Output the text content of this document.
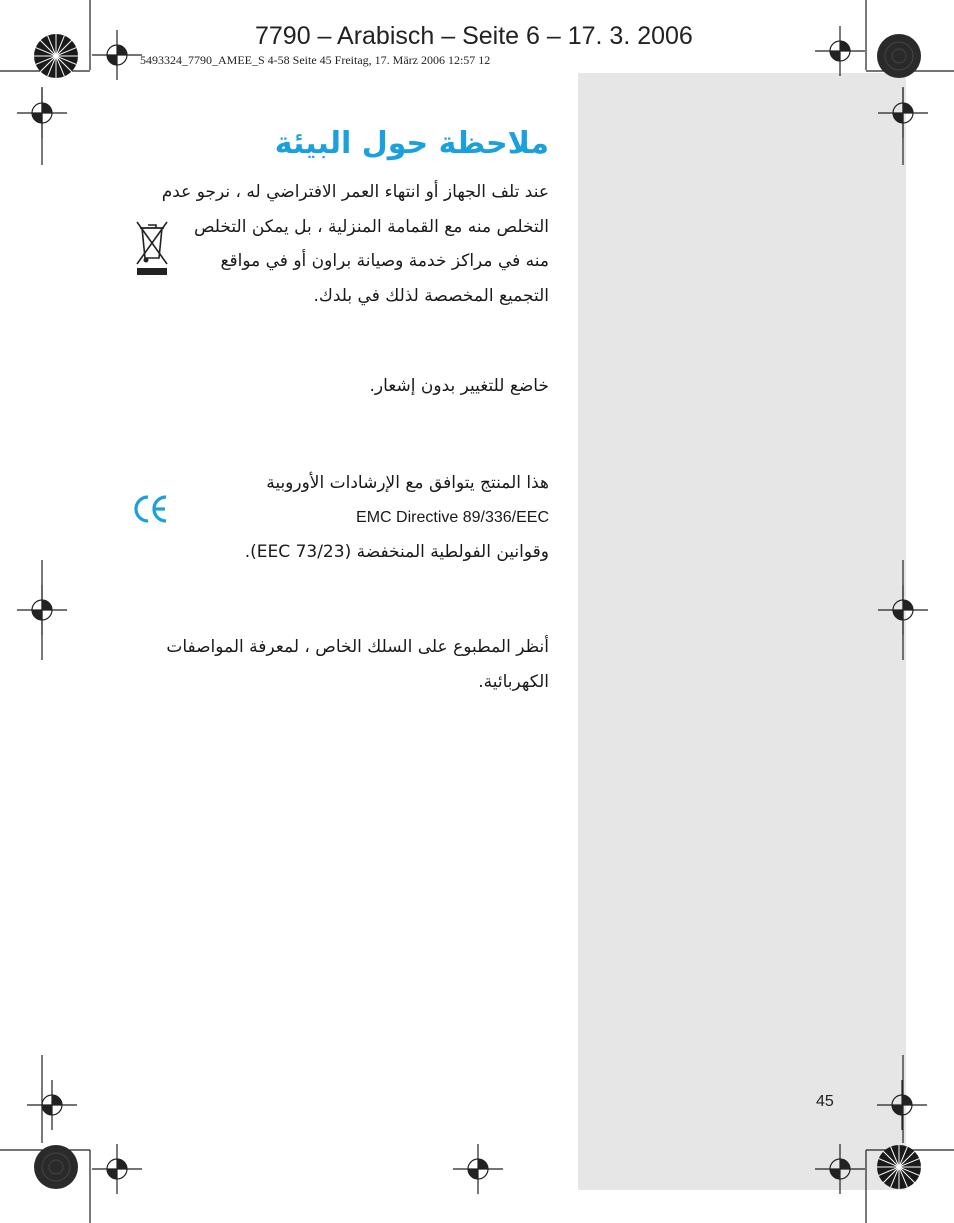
7790 – Arabisch – Seite 6 – 17. 3. 2006
5493324_7790_AMEE_S 4-58 Seite 45 Freitag, 17. März 2006 12:57 12
ملاحظة حول البيئة
عند تلف الجهاز أو انتهاء العمر الافتراضي له ، نرجو عدم
التخلص منه مع القمامة المنزلية ، بل يمكن التخلص
منه في مراكز خدمة وصيانة براون أو في مواقع
التجميع المخصصة لذلك في بلدك.
خاضع للتغيير بدون إشعار.
هذا المنتج يتوافق مع الإرشادات الأوروبية
EMC Directive 89/336/EEC
وقوانين الفولطية المنخفضة (73/23 EEC).
أنظر المطبوع على السلك الخاص ، لمعرفة المواصفات
الكهربائية.
45
